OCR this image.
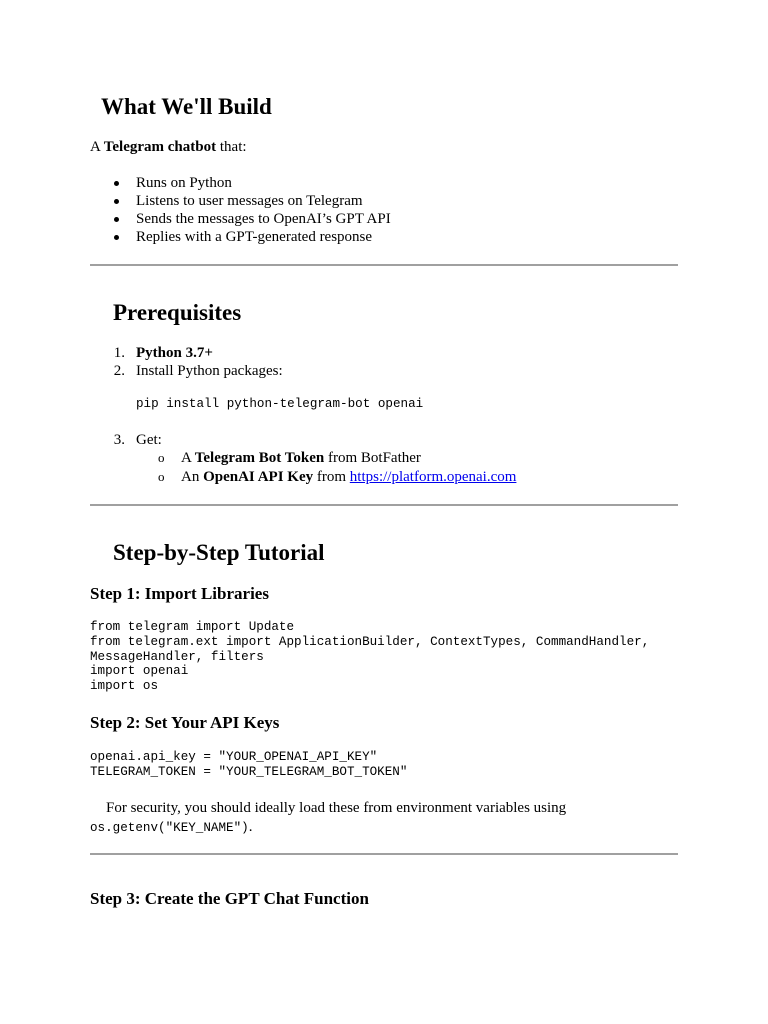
What We'll Build
A Telegram chatbot that:
Runs on Python
Listens to user messages on Telegram
Sends the messages to OpenAI’s GPT API
Replies with a GPT-generated response
Prerequisites
1. Python 3.7+
2. Install Python packages:
pip install python-telegram-bot openai
3. Get:
o A Telegram Bot Token from BotFather
o An OpenAI API Key from https://platform.openai.com
Step-by-Step Tutorial
Step 1: Import Libraries
from telegram import Update
from telegram.ext import ApplicationBuilder, ContextTypes, CommandHandler,
MessageHandler, filters
import openai
import os
Step 2: Set Your API Keys
openai.api_key = "YOUR_OPENAI_API_KEY"
TELEGRAM_TOKEN = "YOUR_TELEGRAM_BOT_TOKEN"
For security, you should ideally load these from environment variables using
os.getenv("KEY_NAME").
Step 3: Create the GPT Chat Function
